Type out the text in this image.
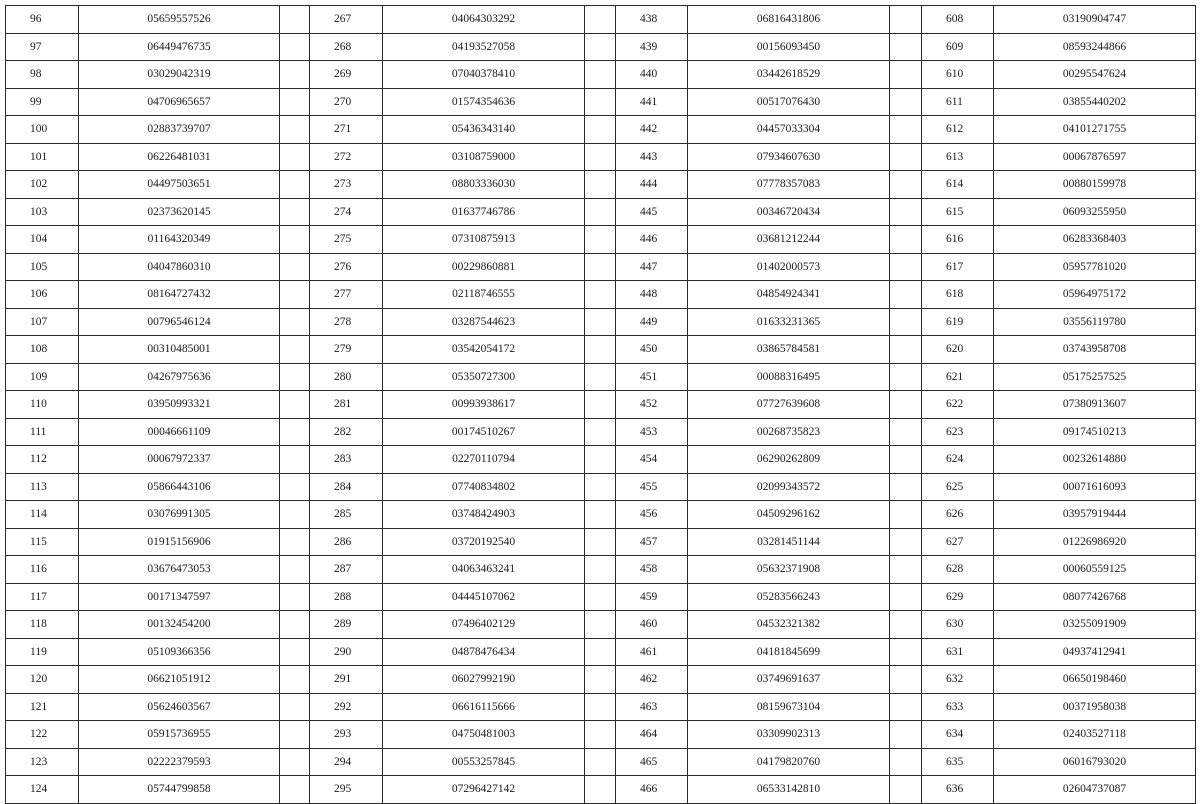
96	05659557526		267	04064303292		438	06816431806		608	03190904747
97	06449476735		268	04193527058		439	00156093450		609	08593244866
98	03029042319		269	07040378410		440	03442618529		610	00295547624
99	04706965657		270	01574354636		441	00517076430		611	03855440202
100	02883739707		271	05436343140		442	04457033304		612	04101271755
101	06226481031		272	03108759000		443	07934607630		613	00067876597
102	04497503651		273	08803336030		444	07778357083		614	00880159978
103	02373620145		274	01637746786		445	00346720434		615	06093255950
104	01164320349		275	07310875913		446	03681212244		616	06283368403
105	04047860310		276	00229860881		447	01402000573		617	05957781020
106	08164727432		277	02118746555		448	04854924341		618	05964975172
107	00796546124		278	03287544623		449	01633231365		619	03556119780
108	00310485001		279	03542054172		450	03865784581		620	03743958708
109	04267975636		280	05350727300		451	00088316495		621	05175257525
110	03950993321		281	00993938617		452	07727639608		622	07380913607
111	00046661109		282	00174510267		453	00268735823		623	09174510213
112	00067972337		283	02270110794		454	06290262809		624	00232614880
113	05866443106		284	07740834802		455	02099343572		625	00071616093
114	03076991305		285	03748424903		456	04509296162		626	03957919444
115	01915156906		286	03720192540		457	03281451144		627	01226986920
116	03676473053		287	04063463241		458	05632371908		628	00060559125
117	00171347597		288	04445107062		459	05283566243		629	08077426768
118	00132454200		289	07496402129		460	04532321382		630	03255091909
119	05109366356		290	04878476434		461	04181845699		631	04937412941
120	06621051912		291	06027992190		462	03749691637		632	06650198460
121	05624603567		292	06616115666		463	08159673104		633	00371958038
122	05915736955		293	04750481003		464	03309902313		634	02403527118
123	02222379593		294	00553257845		465	04179820760		635	06016793020
124	05744799858		295	07296427142		466	06533142810		636	02604737087
